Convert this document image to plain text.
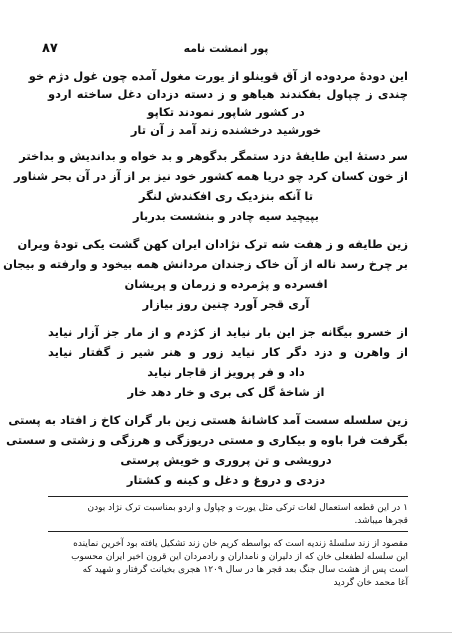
۸۷	پور انمشت نامه
این دودهٔ مردوده از آق قوینلو از یورت مغول آمده چون غول دژم خو
چندی ز چپاول بفکندند هیاهو و ز دسته دزدان دغل ساخته اردو
در کشور شاپور نمودند تکاپو
خورشید درخشنده زند آمد ز آن تار
سر دستهٔ این طایفهٔ دزد ستمگر بدگوهر و بد خواه و بداندیش و بداختر
از خون کسان کرد چو دریا همه کشور خود نیز بر از آز در آن بحر شناور
تا آنکه بنزدیک ری افکندش لنگر
بپیچید سیه چادر و بنشست بدربار
زین طایفه و ز هفت شه ترک نژادان ایران کهن گشت یکی تودهٔ ویران
بر چرخ رسد ناله از آن خاک زجندان مردانش همه بیخود و وارفته و بیجان
افسرده و پژمرده و زرمان و پریشان
آری قجر آورد چنین روز بیازار
از خسرو بیگانه جز این بار نیاید از کژدم و از مار جز آزار نیاید
از واهرن و دزد دگر کار نیاید زور و هنر شیر ز گفتار نیاید
داد و فر پرویز از قاجار نیاید
از شاخهٔ گل کی بری و خار دهد خار
زین سلسله سست آمد کاشانهٔ هستی زین بار گران کاخ ز افتاد به پستی
بگرفت فرا باوه و بیکاری و مستی دریوزگی و هرزگی و زشتی و سستی
درویشی و تن پروری و خویش پرستی
دزدی و دروغ و دغل و کینه و کشتار
۱ در این قطعه استعمال لغات ترکی مثل یورت و چپاول و اردو بمناسبت ترک نژاد بودن
قجرها میباشد.
مقصود از زند سلسلهٔ زندیه است که بواسطه کریم خان زند تشکیل یافته بود آخرین نماینده
این سلسله لطفعلی خان که از دلیران و نامداران و رادمردان این قرون اخیر ایران محسوب
است پس از هشت سال جنگ بعد قجر ها در سال ۱۲۰۹ هجری بخیانت گرفتار و شهید که
آغا محمد خان گردید
